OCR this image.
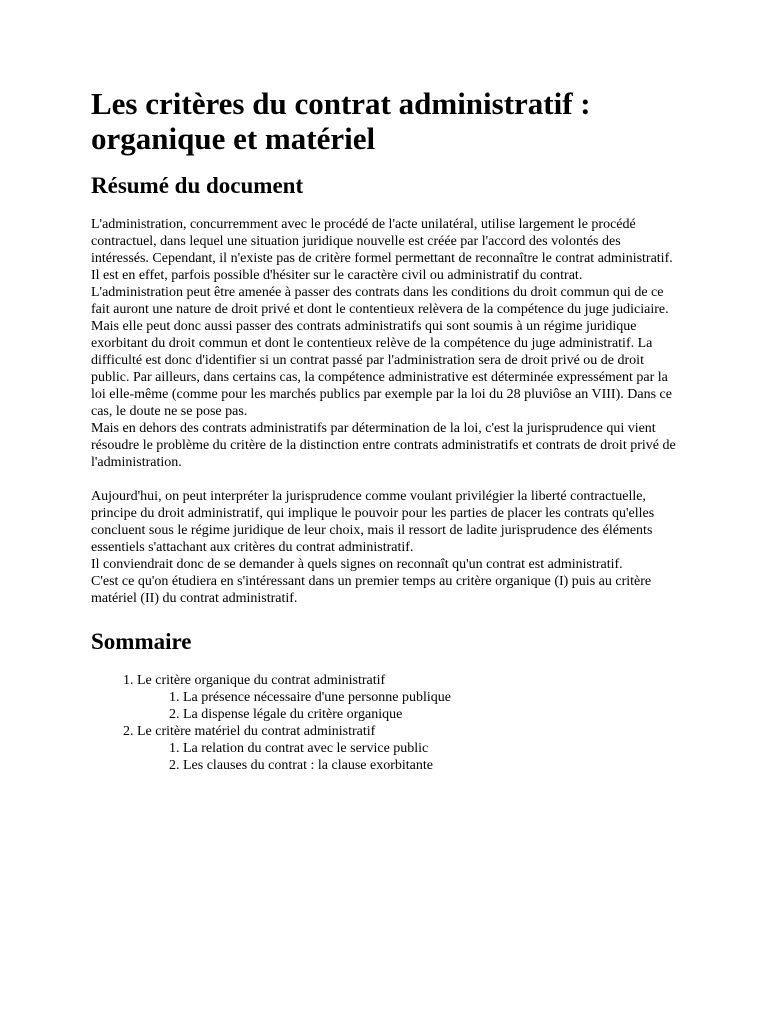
Les critères du contrat administratif : organique et matériel
Résumé du document

L'administration, concurremment avec le procédé de l'acte unilatéral, utilise largement le procédé contractuel, dans lequel une situation juridique nouvelle est créée par l'accord des volontés des intéressés. Cependant, il n'existe pas de critère formel permettant de reconnaître le contrat administratif. Il est en effet, parfois possible d'hésiter sur le caractère civil ou administratif du contrat.

L'administration peut être amenée à passer des contrats dans les conditions du droit commun qui de ce fait auront une nature de droit privé et dont le contentieux relèvera de la compétence du juge judiciaire. Mais elle peut donc aussi passer des contrats administratifs qui sont soumis à un régime juridique exorbitant du droit commun et dont le contentieux relève de la compétence du juge administratif. La difficulté est donc d'identifier si un contrat passé par l'administration sera de droit privé ou de droit public. Par ailleurs, dans certains cas, la compétence administrative est déterminée expressément par la loi elle-même (comme pour les marchés publics par exemple par la loi du 28 pluviôse an VIII). Dans ce cas, le doute ne se pose pas.

Mais en dehors des contrats administratifs par détermination de la loi, c'est la jurisprudence qui vient résoudre le problème du critère de la distinction entre contrats administratifs et contrats de droit privé de l'administration.

Aujourd'hui, on peut interpréter la jurisprudence comme voulant privilégier la liberté contractuelle, principe du droit administratif, qui implique le pouvoir pour les parties de placer les contrats qu'elles concluent sous le régime juridique de leur choix, mais il ressort de ladite jurisprudence des éléments essentiels s'attachant aux critères du contrat administratif.

Il conviendrait donc de se demander à quels signes on reconnaît qu'un contrat est administratif.

C'est ce qu'on étudiera en s'intéressant dans un premier temps au critère organique (I) puis au critère matériel (II) du contrat administratif.

Sommaire
1. Le critère organique du contrat administratif
1. La présence nécessaire d'une personne publique
2. La dispense légale du critère organique
2. Le critère matériel du contrat administratif
1. La relation du contrat avec le service public
2. Les clauses du contrat : la clause exorbitante
